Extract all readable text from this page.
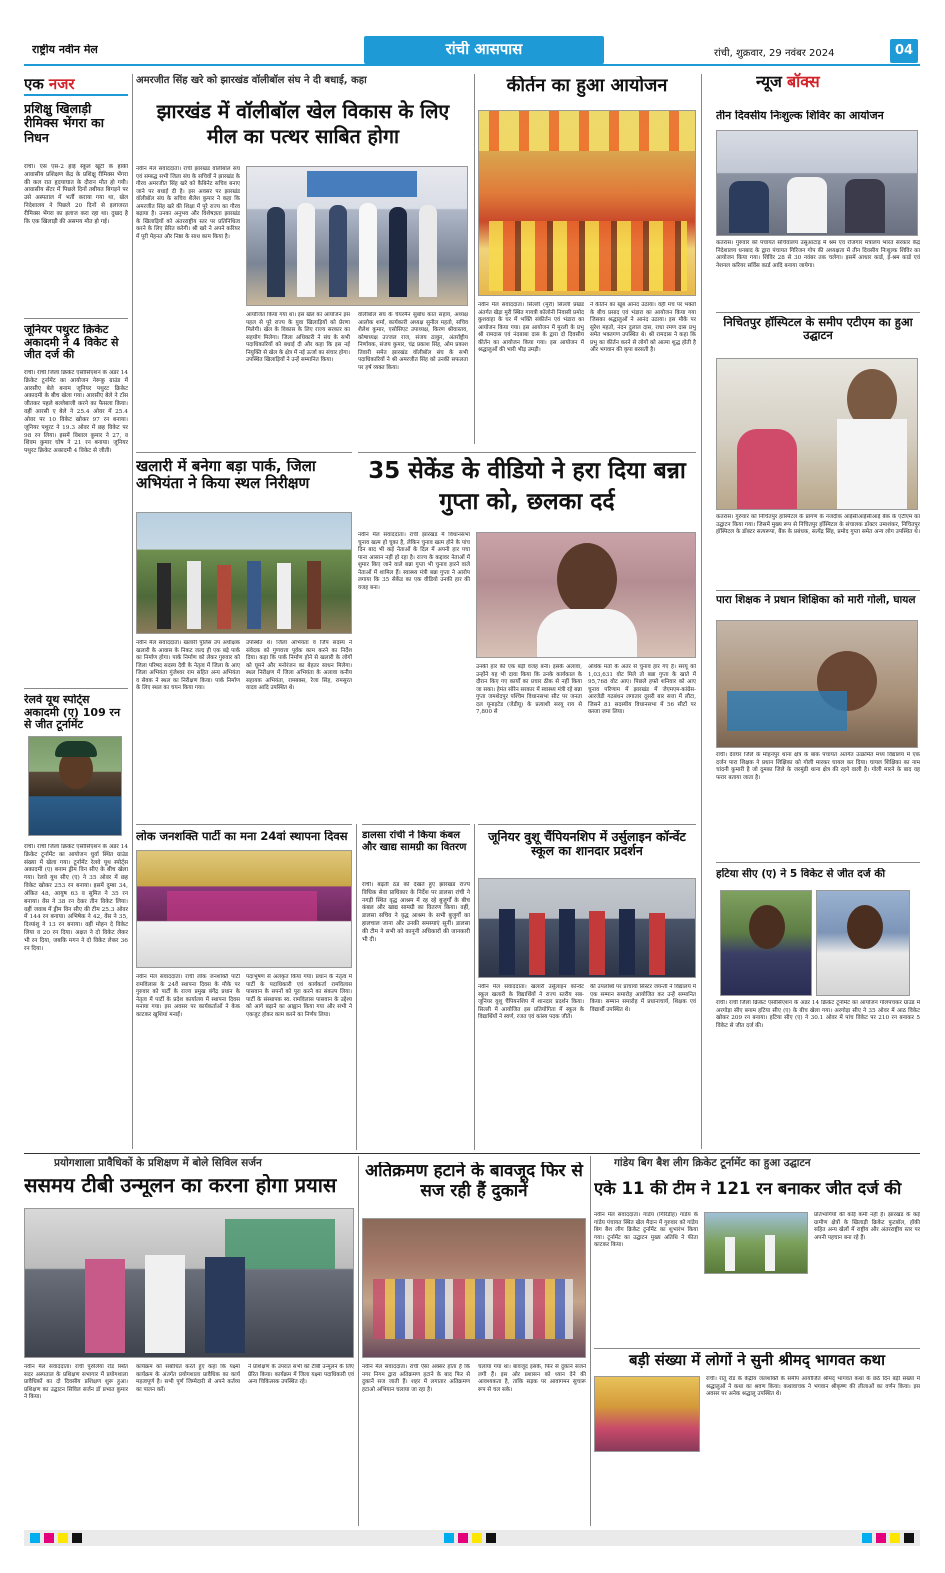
राष्ट्रीय नवीन मेल	रांची आसपास	रांची, शुक्रवार, 29 नवंबर 2024	04
एक नजर
प्रशिक्षु खिलाड़ी रीमिक्स भेंगरा का निधन
रांची। एस एस-2 हाई स्कूल खूंटी के हॉकी आवासीय प्रशिक्षण केंद्र के प्रशिक्षु रीमिक्स भेंगरा की कल रात हृदयाघात के दौरान मौत हो गयी। आवासीय सेंटर में पिछले दिनों तबीयत बिगड़ने पर उसे अस्पताल में भर्ती कराया गया था, खेल निदेशालय ने पिछले 20 दिनों से इलाजरत रीमिक्स भेंगरा का इलाज करा रहा था। दुखद है कि एक खिलाड़ी की असमय मौत हो गई।
जूनियर पथुरट क्रिकेट अकादमी ने 4 विकेट से जीत दर्ज की
रांची। रांची जिला क्रिकेट एसोसिएशन के अंडर 14 क्रिकेट टूर्नामेंट का आयोजन नेरूकु ग्राउंड में आरसीए बेले बनाम जूनियर पथुरट क्रिकेट अकादमी के बीच खेला गया। आरसीए बेले ने टॉस जीतकर पहले बल्लेबाजी करने का फैसला किया। वहीं आरसी ए बेले ने 25.4 ओवर में 25.4 ओवर पर 10 विकेट खोकर 97 रन बनाया। जूनियर पथुरट ने 19.3 ओवर में छह विकेट पर 98 रन लिया। इसमें विशाल कुमार ने 27, व शिवम कुमार घोष ने 21 रन बनाया। जूनियर पथुरट क्रिकेट अकादमी 4 विकेट से जीती।
रेलवे यूथ स्पोर्ट्स अकादमी (ए) 109 रन से जीत टूर्नामेंट
रांची। रांची जिला क्रिकेट एसोसिएशन के अंडर 14 क्रिकेट टूर्नामेंट का आयोजन धुर्वा स्थित ग्राउंड संख्या में खेला गया। टूर्नामेंट रेलवे यूथ स्पोर्ट्स अकादमी (ए) बनाम ड्रीम विन सीए के बीच खेला गया। रेलवे यूथ सीए (ए) ने 35 ओवर में छह विकेट खोकर 253 रन बनाया। इसमें दुम्बा 34, अंकित 48, आयुष 63 व सुमित ने 35 रन बनाया। वेंस ने 38 रन देकर तीन विकेट लिया। वहीं जवाब में ड्रीम विन सीए की टीम 25.3 ओवर में 144 रन बनाया। अभिषेक ने 42, वेंस ने 35, दिव्यांशु ने 13 रन बनाया। वहीं मोहन दे विकेट लिया व 20 रन दिया। अक्षत ने दो विकेट लेकर भी रन दिया, जबकि मगन ने दो विकेट लेकर 36 रन दिया।
अमरजीत सिंह खरे को झारखंड वॉलीबॉल संघ ने दी बधाई, कहा
झारखंड में वॉलीबॉल खेल विकास के लिए मील का पत्थर साबित होगा
नवीन मेल संवाददाता। रांची झारखंड वॉलीबॉल संघ एवं सम्बद्ध सभी जिला संघ के सचिवों ने झारखंड के गौरव अमरजीत सिंह खरे को कैबिनेट सचिव बनाए जाने पर बधाई दी है। इस अवसर पर झारखंड वॉलीबॉल संघ के सचिव शैलेश कुमार ने कहा कि अमरजीत सिंह खरे की शिक्षा में पूरे राज्य का गौरव बढ़ाया है। उनका अनुभव और विशेषज्ञता झारखंड के खिलाड़ियों को अंतरराष्ट्रीय स्तर पर प्रतिनिधित्व करने के लिए प्रेरित करेगी। श्री खरे ने अपने करियर में पूरी मेहनत और निष्ठा के साथ काम किया है।
आयोजित किया गया था। इस खेल का आयोजन इस पहल से पूरे राज्य के युवा खिलाड़ियों को प्रेरणा मिलेगी। खेल के विकास के लिए राज्य सरकार का सहयोग मिलेगा। जिला अधिकारी ने संघ के सभी पदाधिकारियों को बधाई दी और कहा कि इस नई नियुक्ति से खेल के क्षेत्र में नई ऊर्जा का संचार होगा। उपस्थित खिलाड़ियों ने उन्हें सम्मानित किया।
वॉलीबॉल संघ के चेयरमैन सुबोध कांत सहाय, अध्यक्ष आलोक शर्मा, कार्यकारी अध्यक्ष सुनील महतो, सचिव शैलेश कुमार, एसोसिएट उपाध्यक्ष, किरण श्रीवास्तव, कोषाध्यक्ष उज्जल राज, संजय ठाकुर, अंतर्राष्ट्रीय निर्णायक, संजय कुमार, चंद्र प्रकाश सिंह, ओम प्रकाश तिवारी समेत झारखंड वॉलीबॉल संघ के सभी पदाधिकारियों ने श्री अमरजीत सिंह को उनकी सफलता पर हर्ष व्यक्त किया।
कीर्तन का हुआ आयोजन
नवीन मेल संवाददाता। सिल्ली (मुरी) सिल्ली प्रखंड अंतर्गत खेड़ा मुरी स्थित गायत्री कॉलोनी निवासी प्रमोद कुशवाहा के घर में भक्ति संकीर्तन एवं भंडारा का आयोजन किया गया। इस आयोजन में मुरली के प्रभु श्री रामदास एवं नंदबाबा दास के द्वारा दो दिवसीय कीर्तन का आयोजन किया गया। इस आयोजन में श्रद्धालुओं की भारी भीड़ उमड़ी।
ने कीर्तन का खूब आनंद उठाया। वहीं मंच पर भक्तों के बीच प्रसाद एवं भंडारा का आयोजन किया गया जिसका श्रद्धालुओं ने आनंद उठाया। इस मौके पर सुरेश महतो, नंदन दुलाल दास, राधा रमण दास प्रभु समेत भक्तगण उपस्थित थे। श्री रामदास ने कहा कि प्रभु का कीर्तन करने से लोगों को आत्मा शुद्ध होती है और भगवान की कृपा बरसती है।
न्यूज बॉक्स
तीन दिवसीय निःशुल्क शिविर का आयोजन
कतरास। गुरुवार को पंचायत सचिवालय उसुआटांड़ में श्रम एवं रोजगार मंत्रालय भारत सरकार केंद्र निदेशालय धनबाद के द्वारा पंचायत गिरिजन गोप की अध्यक्षता में तीन दिवसीय निःशुल्क शिविर का आयोजन किया गया। शिविर 28 से 30 नवंबर तक चलेगा। इसमें आधार कार्ड, ई-श्रम कार्ड एवं नेशनल करियर सर्विस कार्ड आदि बनाया जायेगा।
निचितपुर हॉस्पिटल के समीप एटीएम का हुआ उद्घाटन
कतरास। गुरुवार को निचितपुर हॉस्पिटल के प्रांगण के नजदीक आईसीआईसीआई बैंक के एटीएम का उद्घाटन किया गया। जिसमें मुख्य रूप से निचितपुर हॉस्पिटल के संचालक डॉक्टर उमाशंकर, निचितपुर हॉस्पिटल के डॉक्टर सत्यरूपा, बैंक के प्रबंधक, सत्येंद्र सिंह, प्रमोद गुप्ता समेत अन्य लोग उपस्थित थे।
पारा शिक्षक ने प्रधान शिक्षिका को मारी गोली, घायल
रांची। देवघर जिले के मोहनपुर थाना क्षेत्र के बांक पंचायत अंतर्गत उत्क्रमित मध्य विद्यालय में एक दर्जन पारा शिक्षक ने प्रधान शिक्षिका को गोली मारकर घायल कर दिया। घायल शिक्षिका का नाम चांदनी कुमारी है जो दुमका जिले के जरमुंडी थाना क्षेत्र की रहने वाली है। गोली मारने के बाद वह फरार बताया जाता है।
हटिया सीए (ए) ने 5 विकेट से जीत दर्ज की
रांची। रांची जिला क्रिकेट एसोसिएशन के अंडर 14 क्रिकेट टूर्नामेंट का आयोजन गोलपचकर ग्राउंड में अरगोड़ा सीए बनाम हटिया सीए (ए) के बीच खेला गया। अरगोड़ा सीए ने 35 ओवर में आठ विकेट खोकर 209 रन बनाया। हटिया सीए (ए) ने 30.1 ओवर में पांच विकेट पर 210 रन बनाकर 5 विकेट से जीत दर्ज की।
खलारी में बनेगा बड़ा पार्क, जिला अभियंता ने किया स्थल निरीक्षण
नवीन मेल संवाददाता। खलारी पुलिस उप अधीक्षक खलारी के आवास के निकट जल्द ही एक बड़े पार्क का निर्माण होगा। पार्क निर्माण को लेकर गुरुवार को जिला परिषद सदस्य देवी के नेतृत्व में जिला के आए जिला अभियंता गुंजेश्वर राम सहित अन्य अभियंता व सेवक ने स्थल का निरीक्षण किया। पार्क निर्माण के लिए स्थल का चयन किया गया।
उपस्थित थे। जिला अभियंता व जिप सदस्य ने संवेदक को गुणवत्ता पूर्वक काम करने का निर्देश दिया। कहा कि पार्क निर्माण होने से खलारी के लोगों को घूमने और मनोरंजन का बेहतर साधन मिलेगा। स्थल निरीक्षण में जिला अभियंता के अलावा कनीय सहायक अभियंता, रामबक्स, रेजा सिंह, रामसुरत यादव आदि उपस्थित थे।
35 सेकेंड के वीडियो ने हरा दिया बन्ना गुप्ता को, छलका दर्द
नवीन मेल संवाददाता। रांची झारखंड में विधानसभा चुनाव खत्म हो चुका है, लेकिन चुनाव खत्म होने के पांच दिन बाद भी कई नेताओं के दिल में अपनी हार पचा पाना आसान नहीं हो रहा है। राज्य के कद्दावर नेताओं में शुमार किए जाने वाले बन्ना गुप्ता भी चुनाव हारने वाले नेताओं में शामिल हैं। स्वास्थ्य मंत्री बन्ना गुप्ता ने आरोप लगाया कि 35 सेकेंड का एक वीडियो उनकी हार की वजह बना।
उनकी हार की एक बड़ी वजह बनी। इसके अलावा, उन्होंने यह भी दावा किया कि उनके कार्यकाल के दौरान किए गए कार्यों का प्रचार ठीक से नहीं किया जा सका। हेमंत सोरेन सरकार में स्वास्थ्य मंत्री रहे बन्ना गुप्ता जमशेदपुर पश्चिम विधानसभा सीट पर जनता दल यूनाइटेड (जेडीयू) के प्रत्याशी सरयू राय से 7,800 से
अधिक मतों के अंतर से चुनाव हार गए हैं। सरयू को 1,03,631 वोट मिले तो बन्ना गुप्ता के खाते में 95,768 वोट आए। पिछले हफ्ते शनिवार को आए चुनाव परिणाम में झारखंड में जेएमएम-कांग्रेस-आरजेडी गठबंधन लगातार दूसरी बार सत्ता में लौटा, जिसने 81 सदस्यीय विधानसभा में 56 सीटों पर कब्जा जमा लिया।
लोक जनशक्ति पार्टी का मना 24वां स्थापना दिवस
नवीन मेल संवाददाता। रांची लोक जनशक्ति पार्टी रामविलास के 24वें स्थापना दिवस के मौके पर गुरुवार को पार्टी के राज्य प्रमुख बंगेंद्र प्रधान के नेतृत्व में पार्टी के प्रदेश कार्यालय में स्थापना दिवस मनाया गया। इस अवसर पर कार्यकर्ताओं ने केक काटकर खुशियां मनाईं।
पदाभूषण से अलंकृत किया गया। प्रधान के नेतृत्व में पार्टी के पदाधिकारी एवं कार्यकर्ता रामविलास पासवान के सपनों को पूरा करने का संकल्प लिया। पार्टी के संस्थापक स्व. रामविलास पासवान के उद्देश्य को आगे बढ़ाने का आह्वान किया गया और सभी ने एकजुट होकर काम करने का निर्णय लिया।
डालसा रांची ने किया कंबल और खाद्य सामग्री का वितरण
रांची। बढ़ती ठंड को देखते हुए झारखंड राज्य विधिक सेवा प्राधिकार के निर्देश पर डालसा रांची ने नगड़ी स्थित वृद्ध आश्रम में रह रहे बुजुर्गों के बीच कंबल और खाद्य सामग्री का वितरण किया। वहीं, डालसा सचिव ने वृद्ध आश्रम के सभी बुजुर्गों का हालचाल जाना और उनकी समस्याएं सुनीं। डालसा की टीम ने सभी को कानूनी अधिकारों की जानकारी भी दी।
जूनियर वुशू चैंपियनशिप में उर्सुलाइन कॉन्वेंट स्कूल का शानदार प्रदर्शन
नवीन मेल संवाददाता। खलारी उर्सुलाइन कॉन्वेंट स्कूल खलारी के विद्यार्थियों ने राज्य स्तरीय सब-जूनियर वुशू चैंपियनशिप में शानदार प्रदर्शन किया। सिल्ली में आयोजित इस प्रतियोगिता में स्कूल के विद्यार्थियों ने स्वर्ण, रजत एवं कांस्य पदक जीते।
की उपलब्धि पर प्राचार्या सिस्टर जयन्ती ने विद्यालय में एक सम्मान समारोह आयोजित कर उन्हें सम्मानित किया। सम्मान समारोह में प्रधानाचार्य, शिक्षक एवं विद्यार्थी उपस्थित थे।
प्रयोगशाला प्रावैधिकों के प्रशिक्षण में बोले सिविल सर्जन
ससमय टीबी उन्मूलन का करना होगा प्रयास
नवीन मेल संवाददाता। रांची पुरुलिया रोड स्थित सदर अस्पताल के प्रशिक्षण सभागार में प्रयोगशाला प्रावैधिकों का दो दिवसीय प्रशिक्षण शुरू हुआ। प्रशिक्षण का उद्घाटन सिविल सर्जन डॉ प्रभात कुमार ने किया।
कार्यक्रम को संबोधित करते हुए कहा कि यक्ष्मा कार्यक्रम के अंतर्गत प्रयोगशाला प्रावैधिक का कार्य महत्वपूर्ण है। सभी पूर्ण जिम्मेदारी से अपने कर्तव्य का पालन करें।
ने प्रशिक्षण के उपरांत सभी को टीबी उन्मूलन के लिए प्रेरित किया। कार्यक्रम में जिला यक्ष्मा पदाधिकारी एवं अन्य चिकित्सक उपस्थित रहे।
अतिक्रमण हटाने के बावजूद फिर से सज रही हैं दुकानें
नवीन मेल संवाददाता। रांची ऐसा अक्सर होता है कि नगर निगम द्वारा अतिक्रमण हटाने के बाद फिर से दुकानें सज जाती हैं। शहर में लगातार अतिक्रमण हटाओ अभियान चलाया जा रहा है।
चलाया गया था। बावजूद इसके, फिर से दुकानें सजने लगी हैं। इस ओर प्रशासन को ध्यान देने की आवश्यकता है, ताकि सड़क पर आवागमन सुचारू रूप से चल सके।
गांडेय बिग बैश लीग क्रिकेट टूर्नामेंट का हुआ उद्घाटन
एके 11 की टीम ने 121 रन बनाकर जीत दर्ज की
नवीन मेल संवाददाता। गांडेय (गिरिडीह) गांडेय के गांडेय पंचायत स्थित खेल मैदान में गुरुवार को गांडेय बिग बैश लीग क्रिकेट टूर्नामेंट का शुभारंभ किया गया। टूर्नामेंट का उद्घाटन मुख्य अतिथि ने फीता काटकर किया।
प्रतिभागियों की कोई कमी नहीं है। झारखंड के कई ग्रामीण क्षेत्रों के खिलाड़ी क्रिकेट फुटबॉल, हॉकी सहित अन्य खेलों में राष्ट्रीय और अंतरराष्ट्रीय स्तर पर अपनी पहचान बना रहे हैं।
बड़ी संख्या में लोगों ने सुनी श्रीमद् भागवत कथा
रांची। रातू रोड के केंद्रीय जलशक्ति के समीप आयोजित श्रीमद् भागवत कथा के छठे दिन बड़ी संख्या में श्रद्धालुओं ने कथा का श्रवण किया। कथावाचक ने भगवान श्रीकृष्ण की लीलाओं का वर्णन किया। इस अवसर पर अनेक श्रद्धालु उपस्थित थे।
